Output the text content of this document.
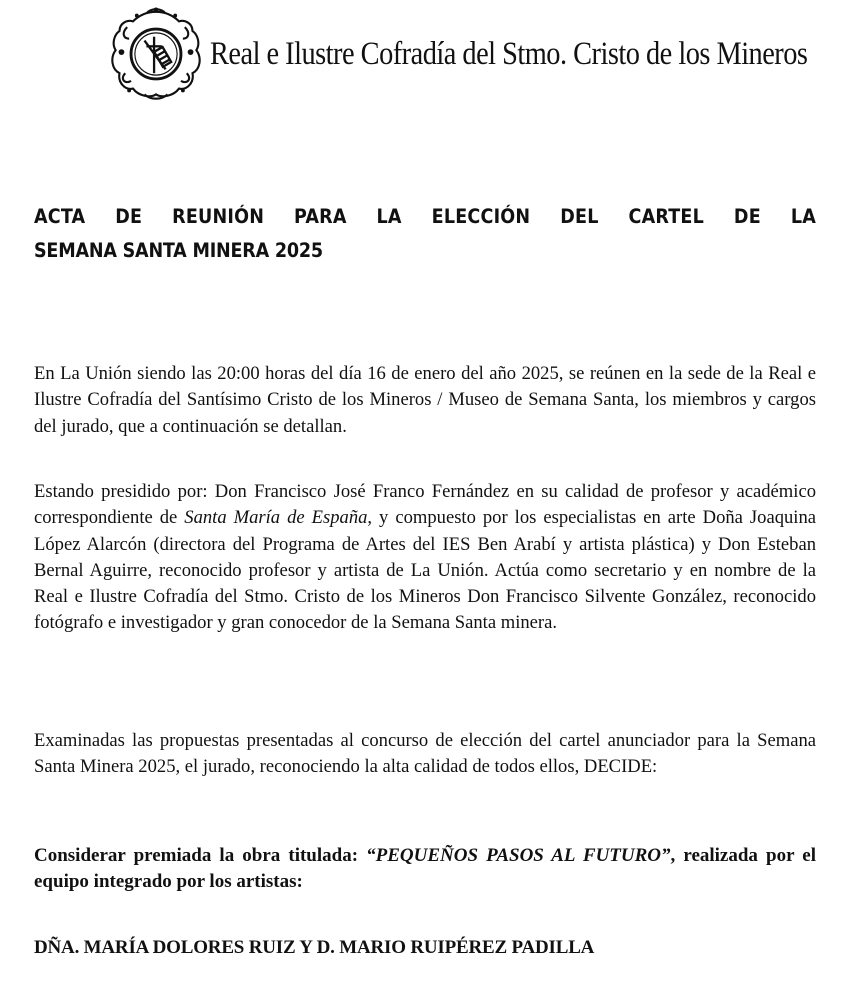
Real e Ilustre Cofradía del Stmo. Cristo de los Mineros
ACTA DE REUNIÓN PARA LA ELECCIÓN DEL CARTEL DE LA
SEMANA SANTA MINERA 2025

En La Unión siendo las 20:00 horas del día 16 de enero del año 2025, se reúnen en la sede de la Real e Ilustre Cofradía del Santísimo Cristo de los Mineros / Museo de Semana Santa, los miembros y cargos del jurado, que a continuación se detallan.

Estando presidido por: Don Francisco José Franco Fernández en su calidad de profesor y académico correspondiente de Santa María de España, y compuesto por los especialistas en arte Doña Joaquina López Alarcón (directora del Programa de Artes del IES Ben Arabí y artista plástica) y Don Esteban Bernal Aguirre, reconocido profesor y artista de La Unión. Actúa como secretario y en nombre de la Real e Ilustre Cofradía del Stmo. Cristo de los Mineros Don Francisco Silvente González, reconocido fotógrafo e investigador y gran conocedor de la Semana Santa minera.

Examinadas las propuestas presentadas al concurso de elección del cartel anunciador para la Semana Santa Minera 2025, el jurado, reconociendo la alta calidad de todos ellos, DECIDE:

Considerar premiada la obra titulada: “PEQUEÑOS PASOS AL FUTURO”, realizada por el equipo integrado por los artistas:

DÑA. MARÍA DOLORES RUIZ Y D. MARIO RUIPÉREZ PADILLA
